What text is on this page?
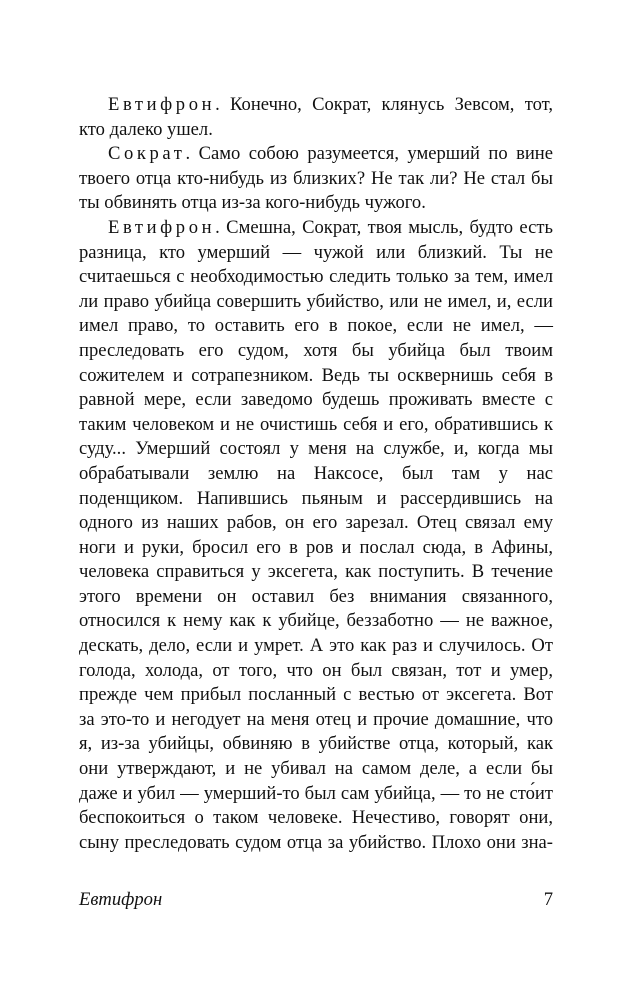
Евтифрон. Конечно, Сократ, клянусь Зевсом, тот, кто далеко ушел.

Сократ. Само собою разумеется, умерший по вине твоего отца кто-нибудь из близких? Не так ли? Не стал бы ты обвинять отца из-за кого-нибудь чужого.

Евтифрон. Смешна, Сократ, твоя мысль, будто есть разница, кто умерший — чужой или близкий. Ты не считаешься с необходимостью следить только за тем, имел ли право убийца совершить убийство, или не имел, и, если имел право, то оставить его в покое, если не имел, — преследовать его судом, хотя бы убийца был твоим сожителем и сотрапезником. Ведь ты осквернишь себя в равной мере, если заведомо будешь проживать вместе с таким человеком и не очистишь себя и его, обратившись к суду... Умерший состоял у меня на службе, и, когда мы обрабатывали землю на Наксосе, был там у нас поденщиком. Напившись пьяным и рассердившись на одного из наших рабов, он его зарезал. Отец связал ему ноги и руки, бросил его в ров и послал сюда, в Афины, человека справиться у эксегета, как поступить. В течение этого времени он оставил без внимания связанного, относился к нему как к убийце, беззаботно — не важное, дескать, дело, если и умрет. А это как раз и случилось. От голода, холода, от того, что он был связан, тот и умер, прежде чем прибыл посланный с вестью от эксегета. Вот за это-то и негодует на меня отец и прочие домашние, что я, из-за убийцы, обвиняю в убийстве отца, который, как они утверждают, и не убивал на самом деле, а если бы даже и убил — умерший-то был сам убийца, — то не сто́ит беспокоиться о таком человеке. Нечестиво, говорят они, сыну преследовать судом отца за убийство. Плохо они зна-

Евтифрон	7
